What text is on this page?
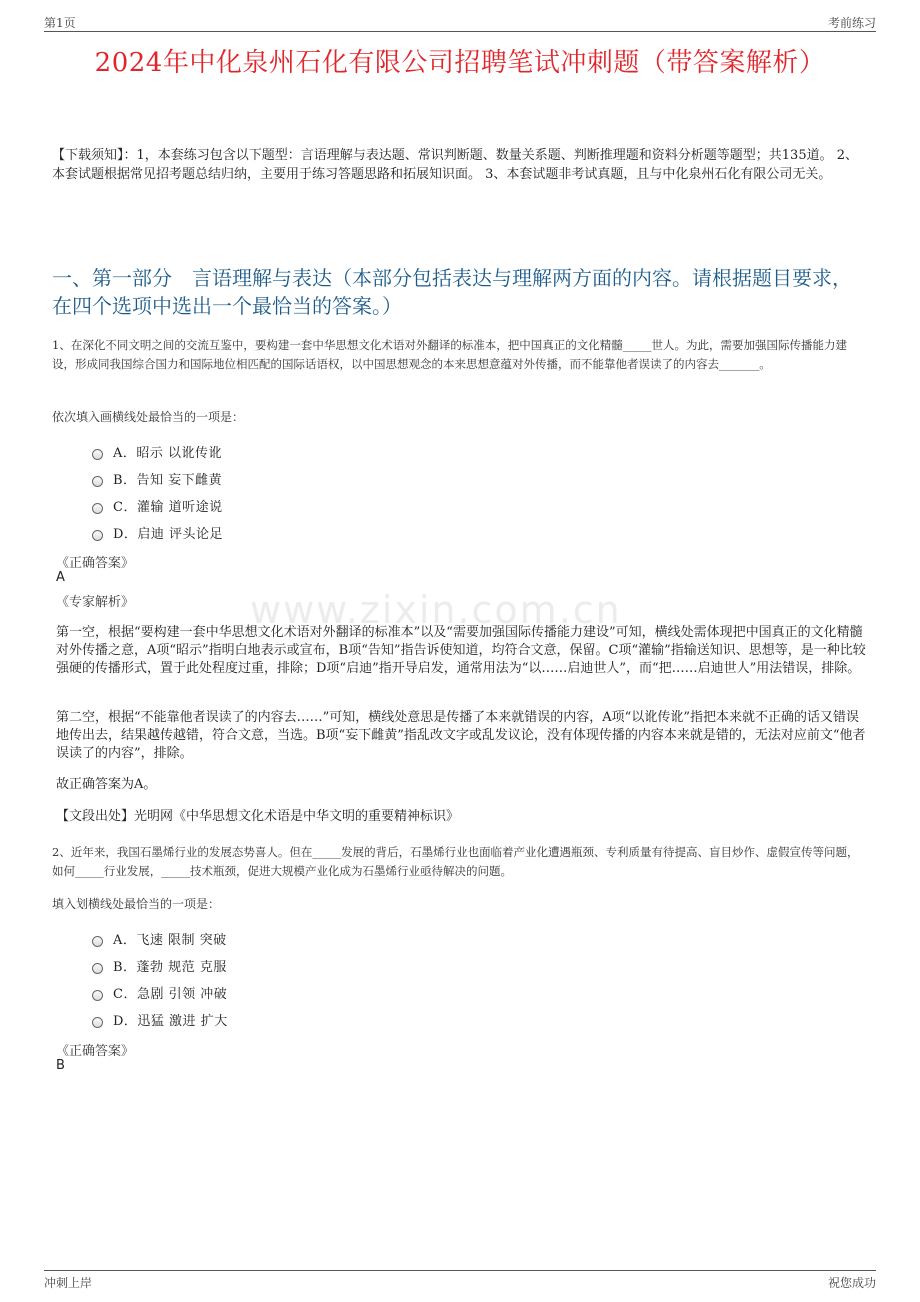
第1页	考前练习
www.zixin.com.cn
2024年中化泉州石化有限公司招聘笔试冲刺题（带答案解析）
【下载须知】：1，本套练习包含以下题型：言语理解与表达题、常识判断题、数量关系题、判断推理题和资料分析题等题型；共135道。 2、本套试题根据常见招考题总结归纳，主要用于练习答题思路和拓展知识面。 3、本套试题非考试真题，且与中化泉州石化有限公司无关。
一、第一部分　言语理解与表达（本部分包括表达与理解两方面的内容。请根据题目要求，在四个选项中选出一个最恰当的答案。）
1、在深化不同文明之间的交流互鉴中，要构建一套中华思想文化术语对外翻译的标准本，把中国真正的文化精髓_____世人。为此，需要加强国际传播能力建设，形成同我国综合国力和国际地位相匹配的国际话语权，以中国思想观念的本来思想意蕴对外传播，而不能靠他者误读了的内容去_______。
依次填入画横线处最恰当的一项是：
A．昭示 以讹传讹
B．告知 妄下雌黄
C．灌输 道听途说
D．启迪 评头论足
《正确答案》
A
《专家解析》
第一空，根据“要构建一套中华思想文化术语对外翻译的标准本”以及“需要加强国际传播能力建设”可知，横线处需体现把中国真正的文化精髓对外传播之意，A项“昭示”指明白地表示或宣布，B项“告知”指告诉使知道，均符合文意，保留。C项“灌输”指输送知识、思想等，是一种比较强硬的传播形式，置于此处程度过重，排除；D项“启迪”指开导启发，通常用法为“以……启迪世人”，而“把……启迪世人”用法错误，排除。
第二空，根据“不能靠他者误读了的内容去……”可知，横线处意思是传播了本来就错误的内容，A项“以讹传讹”指把本来就不正确的话又错误地传出去，结果越传越错，符合文意，当选。B项“妄下雌黄”指乱改文字或乱发议论，没有体现传播的内容本来就是错的，无法对应前文“他者误读了的内容”，排除。
故正确答案为A。
【文段出处】光明网《中华思想文化术语是中华文明的重要精神标识》
2、近年来，我国石墨烯行业的发展态势喜人。但在_____发展的背后，石墨烯行业也面临着产业化遭遇瓶颈、专利质量有待提高、盲目炒作、虚假宣传等问题，如何_____行业发展，_____技术瓶颈，促进大规模产业化成为石墨烯行业亟待解决的问题。
填入划横线处最恰当的一项是：
A．飞速 限制 突破
B．蓬勃 规范 克服
C．急剧 引领 冲破
D．迅猛 激进 扩大
《正确答案》
B
冲刺上岸	祝您成功
